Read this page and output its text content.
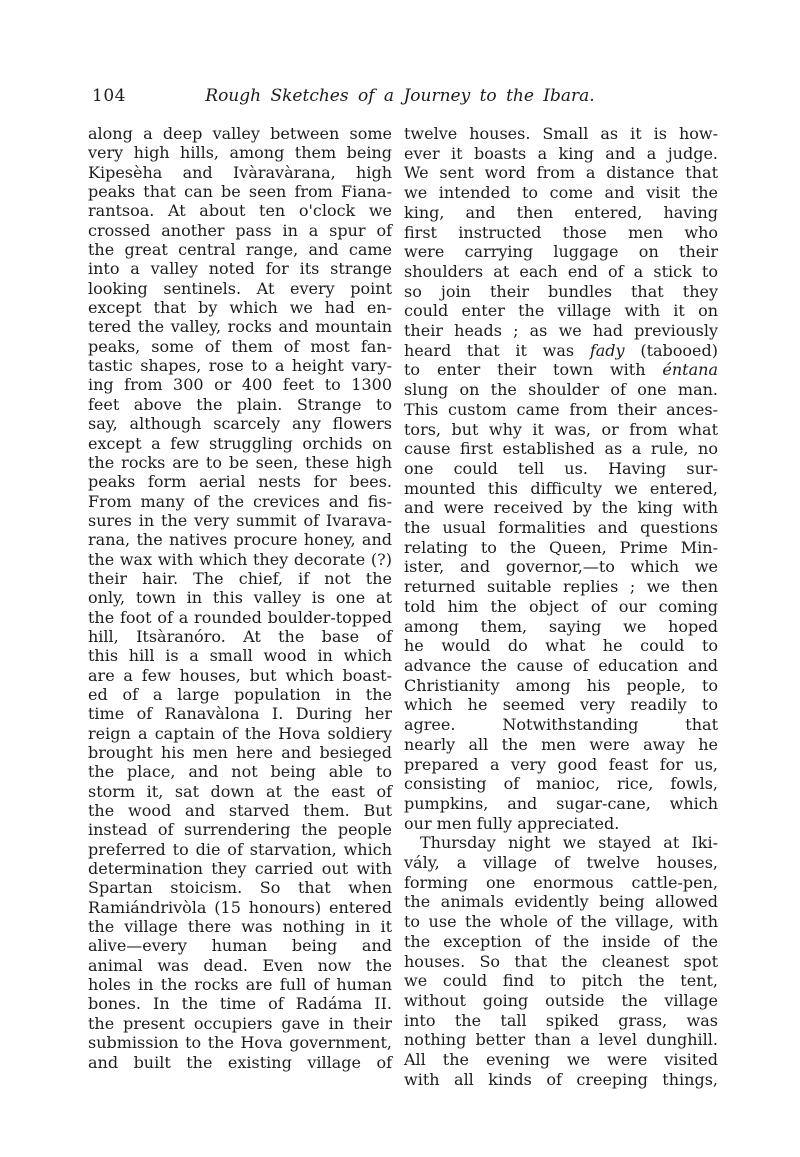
104	Rough Sketches of a Journey to the Ibara.
along a deep valley between some
very high hills, among them being
Kipesèha and Ivàravàrana, high
peaks that can be seen from Fiana-
rantsoa. At about ten o'clock we
crossed another pass in a spur of
the great central range, and came
into a valley noted for its strange
looking sentinels. At every point
except that by which we had en-
tered the valley, rocks and mountain
peaks, some of them of most fan-
tastic shapes, rose to a height vary-
ing from 300 or 400 feet to 1300
feet above the plain. Strange to
say, although scarcely any flowers
except a few struggling orchids on
the rocks are to be seen, these high
peaks form aerial nests for bees.
From many of the crevices and fis-
sures in the very summit of Ivarava-
rana, the natives procure honey, and
the wax with which they decorate (?)
their hair. The chief, if not the
only, town in this valley is one at
the foot of a rounded boulder-topped
hill, Itsàranóro. At the base of
this hill is a small wood in which
are a few houses, but which boast-
ed of a large population in the
time of Ranavàlona I. During her
reign a captain of the Hova soldiery
brought his men here and besieged
the place, and not being able to
storm it, sat down at the east of
the wood and starved them. But
instead of surrendering the people
preferred to die of starvation, which
determination they carried out with
Spartan stoicism. So that when
Ramiándrivòla (15 honours) entered
the village there was nothing in it
alive—every human being and
animal was dead. Even now the
holes in the rocks are full of human
bones. In the time of Radáma II.
the present occupiers gave in their
submission to the Hova government,
and built the existing village of
twelve houses. Small as it is how-
ever it boasts a king and a judge.
We sent word from a distance that
we intended to come and visit the
king, and then entered, having
first instructed those men who
were carrying luggage on their
shoulders at each end of a stick to
so join their bundles that they
could enter the village with it on
their heads ; as we had previously
heard that it was fady (tabooed)
to enter their town with éntana
slung on the shoulder of one man.
This custom came from their ances-
tors, but why it was, or from what
cause first established as a rule, no
one could tell us. Having sur-
mounted this difficulty we entered,
and were received by the king with
the usual formalities and questions
relating to the Queen, Prime Min-
ister, and governor,—to which we
returned suitable replies ; we then
told him the object of our coming
among them, saying we hoped
he would do what he could to
advance the cause of education and
Christianity among his people, to
which he seemed very readily to
agree. Notwithstanding that
nearly all the men were away he
prepared a very good feast for us,
consisting of manioc, rice, fowls,
pumpkins, and sugar-cane, which
our men fully appreciated.
Thursday night we stayed at Iki-
vály, a village of twelve houses,
forming one enormous cattle-pen,
the animals evidently being allowed
to use the whole of the village, with
the exception of the inside of the
houses. So that the cleanest spot
we could find to pitch the tent,
without going outside the village
into the tall spiked grass, was
nothing better than a level dunghill.
All the evening we were visited
with all kinds of creeping things,
